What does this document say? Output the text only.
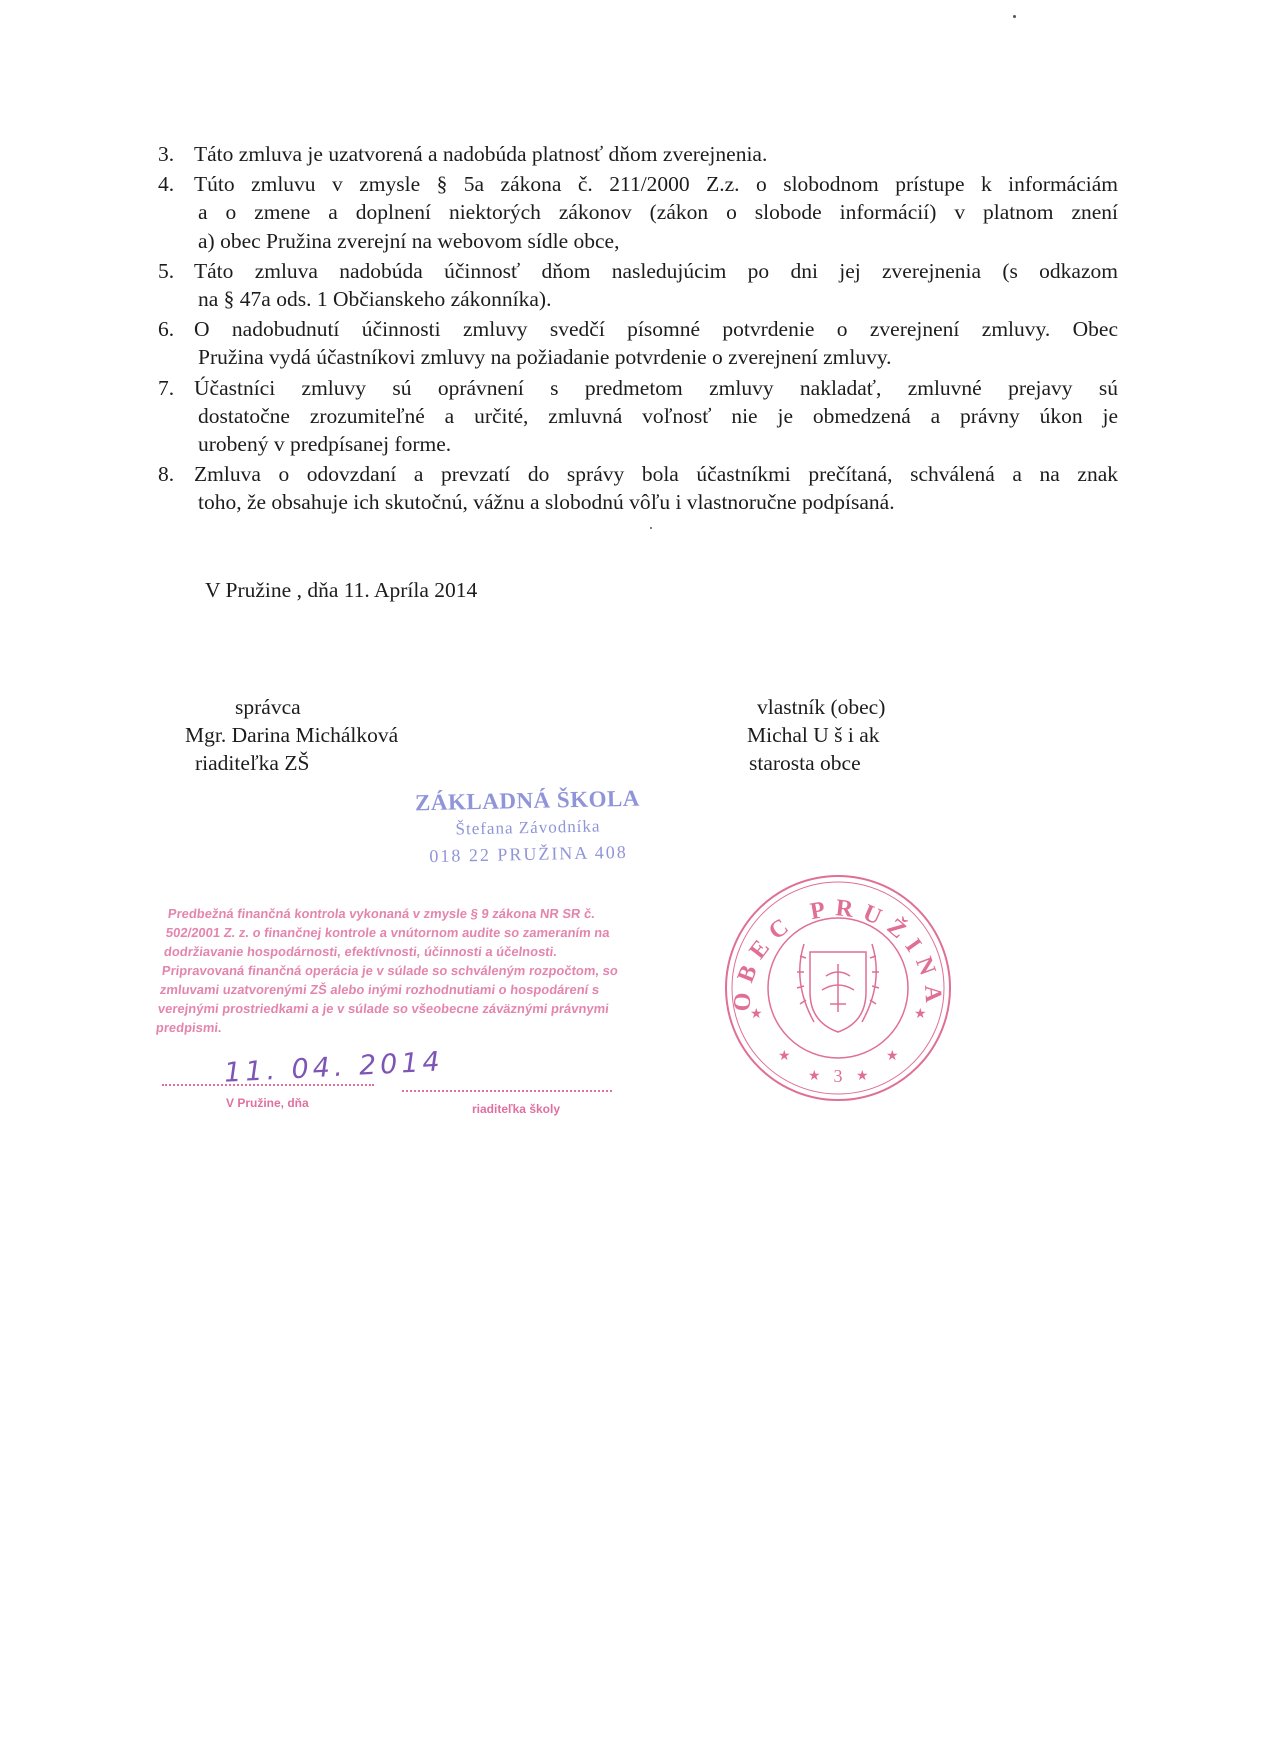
3. Táto zmluva je uzatvorená a nadobúda platnosť dňom zverejnenia.
4. Túto zmluvu v zmysle § 5a zákona č. 211/2000 Z.z. o slobodnom prístupe k informáciám
a o zmene a doplnení niektorých zákonov (zákon o slobode informácií) v platnom znení
a) obec Pružina zverejní na webovom sídle obce,
5. Táto zmluva nadobúda účinnosť dňom nasledujúcim po dni jej zverejnenia (s odkazom
na § 47a ods. 1 Občianskeho zákonníka).
6. O nadobudnutí účinnosti zmluvy svedčí písomné potvrdenie o zverejnení zmluvy. Obec
Pružina vydá účastníkovi zmluvy na požiadanie potvrdenie o zverejnení zmluvy.
7. Účastníci zmluvy sú oprávnení s predmetom zmluvy nakladať, zmluvné prejavy sú
dostatočne zrozumiteľné a určité, zmluvná voľnosť nie je obmedzená a právny úkon je
urobený v predpísanej forme.
8. Zmluva o odovzdaní a prevzatí do správy bola účastníkmi prečítaná, schválená a na znak
toho, že obsahuje ich skutočnú, vážnu a slobodnú vôľu i vlastnoručne podpísaná.
V Pružine , dňa 11. Apríla 2014
správca
Mgr. Darina Michálková
riaditeľka ZŠ
vlastník (obec)
Michal U š i ak
starosta obce
ZÁKLADNÁ ŠKOLA
Štefana Závodníka
018 22 PRUŽINA 408
Predbežná finančná kontrola vykonaná v zmysle § 9 zákona NR SR č. 502/2001 Z. z. o finančnej kontrole a vnútornom audite so zameraním na dodržiavanie hospodárnosti, efektívnosti, účinnosti a účelnosti. Pripravovaná finančná operácia je v súlade so schváleným rozpočtom, so zmluvami uzatvorenými ZŠ alebo inými rozhodnutiami o hospodárení s verejnými prostriedkami a je v súlade so všeobecne záväznými právnymi predpismi.
11. 04. 2014
V Pružine, dňa	riaditeľka školy
OBEC PRUŽINA
★	★
★	★
★	★
3
